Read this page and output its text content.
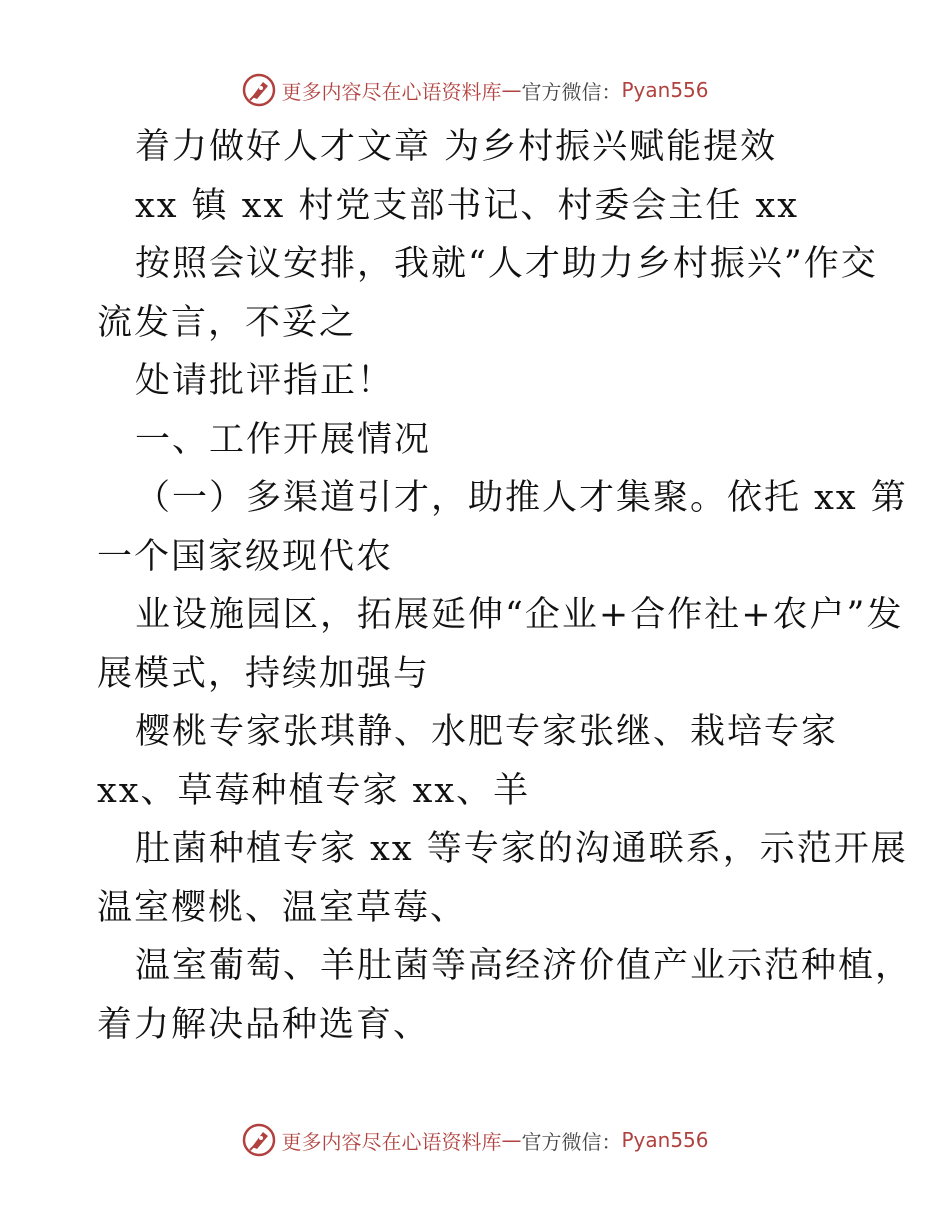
更多内容尽在心语资料库 — 官方微信： Pyan556
着力做好人才文章 为乡村振兴赋能提效
xx 镇 xx 村党支部书记、村委会主任 xx
按照会议安排，我就“人才助力乡村振兴”作交
流发言，不妥之
处请批评指正！
一、工作开展情况
（一）多渠道引才，助推人才集聚。依托 xx 第
一个国家级现代农
业设施园区，拓展延伸“企业+合作社+农户”发
展模式，持续加强与
樱桃专家张琪静、水肥专家张继、栽培专家
xx、草莓种植专家 xx、羊
肚菌种植专家 xx 等专家的沟通联系，示范开展
温室樱桃、温室草莓、
温室葡萄、羊肚菌等高经济价值产业示范种植，
着力解决品种选育、
更多内容尽在心语资料库 — 官方微信： Pyan556
